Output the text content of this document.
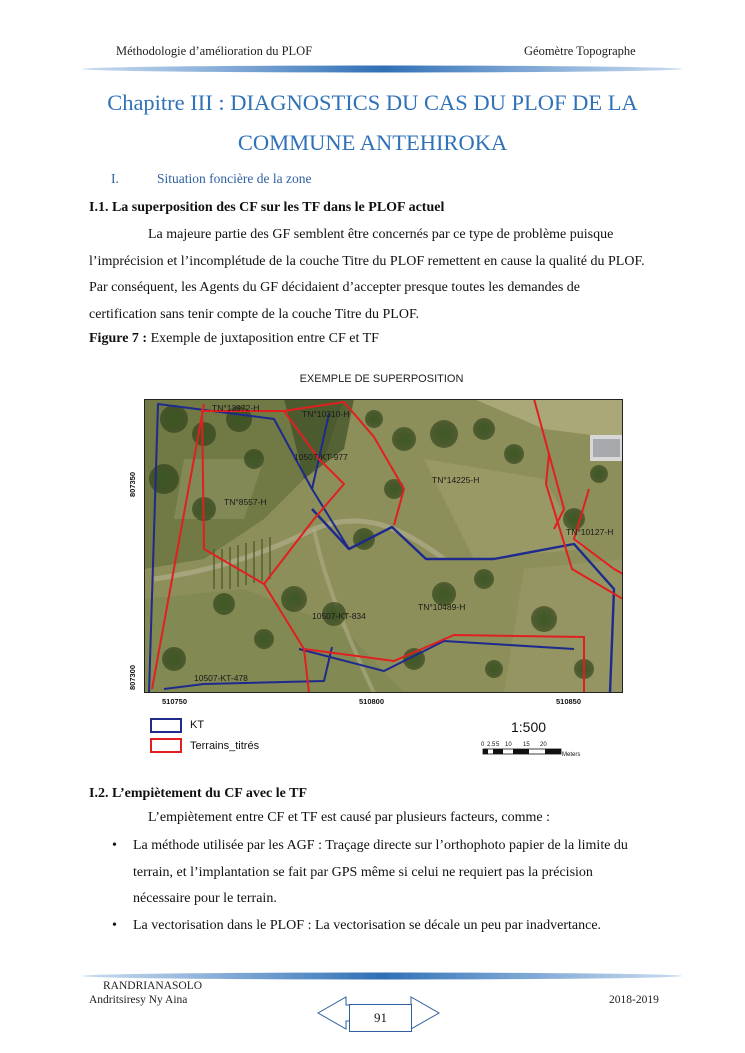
Méthodologie d’amélioration du PLOF	Géomètre Topographe
Chapitre III : DIAGNOSTICS DU CAS DU PLOF DE LA
COMMUNE ANTEHIROKA
I.	Situation foncière de la zone
I.1. La superposition des CF sur les TF dans le PLOF actuel
La majeure partie des GF semblent être concernés par ce type de problème puisque
l’imprécision et l’incomplétude de la couche Titre du PLOF remettent en cause la qualité du PLOF.
Par conséquent, les Agents du GF décidaient d’accepter presque toutes les demandes de
certification sans tenir compte de la couche Titre du PLOF.
Figure 7 : Exemple de juxtaposition entre CF et TF
EXEMPLE DE SUPERPOSITION
TN°13972-H
TN°10310-H
10507-KT-977
TN°14225-H
TN°8557-H
TN°10127-H
TN°10489-H
10507-KT-834
10507-KT-478
807350
807300
510750	510800	510850
KT
Terrains_titrés
1:500
0 2.5 5 10 15 20
Meters
I.2. L’empiètement du CF avec le TF
L’empiètement entre CF et TF est causé par plusieurs facteurs, comme :
• La méthode utilisée par les AGF : Traçage directe sur l’orthophoto papier de la limite du
terrain, et l’implantation se fait par GPS même si celui ne requiert pas la précision
nécessaire pour le terrain.
• La vectorisation dans le PLOF : La vectorisation se décale un peu par inadvertance.
RANDRIANASOLO
Andritsiresy Ny Aina	2018-2019
91
